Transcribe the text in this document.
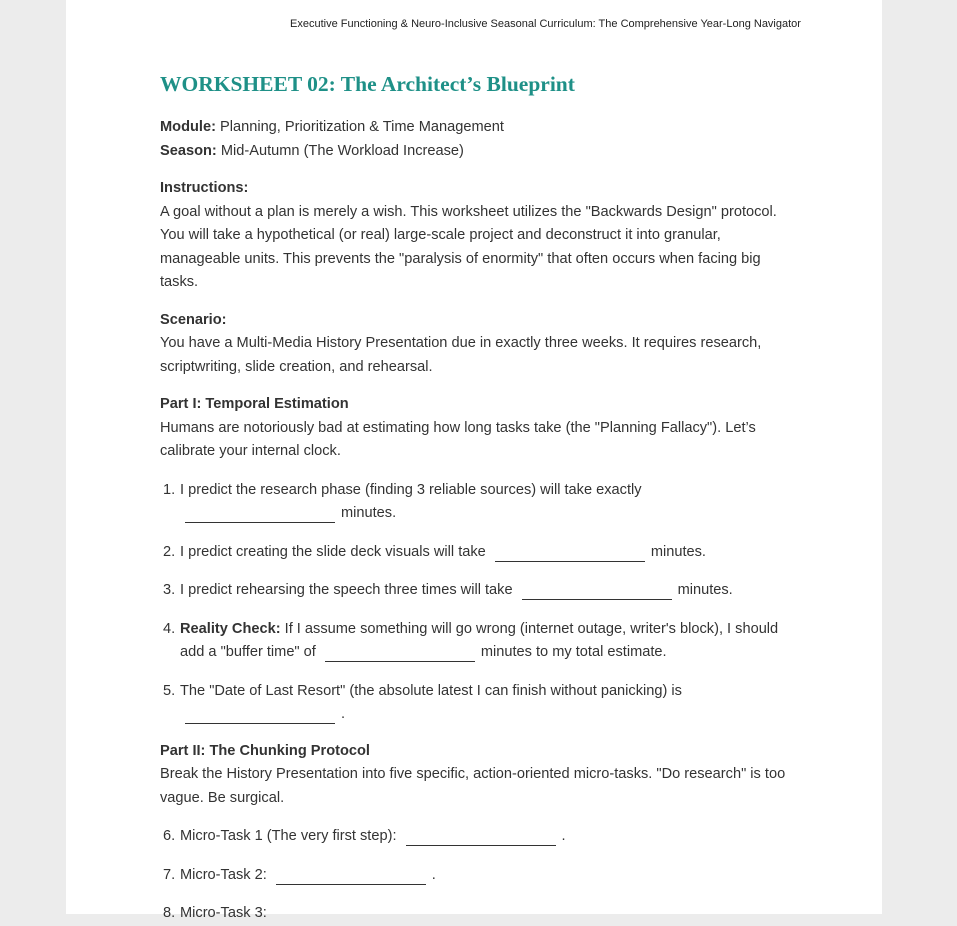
Executive Functioning & Neuro-Inclusive Seasonal Curriculum: The Comprehensive Year-Long Navigator
WORKSHEET 02: The Architect’s Blueprint

Module: Planning, Prioritization & Time Management

Season: Mid-Autumn (The Workload Increase)

Instructions:

A goal without a plan is merely a wish. This worksheet utilizes the "Backwards Design" protocol. You will take a hypothetical (or real) large-scale project and deconstruct it into granular, manageable units. This prevents the "paralysis of enormity" that often occurs when facing big tasks.

Scenario:

You have a Multi-Media History Presentation due in exactly three weeks. It requires research, scriptwriting, slide creation, and rehearsal.

Part I: Temporal Estimation

Humans are notoriously bad at estimating how long tasks take (the "Planning Fallacy"). Let’s calibrate your internal clock.

1. I predict the research phase (finding 3 reliable sources) will take exactly
minutes.
2. I predict creating the slide deck visuals will take	minutes.
3. I predict rehearsing the speech three times will take	minutes.
4. Reality Check: If I assume something will go wrong (internet outage, writer's block), I should add a "buffer time" of	minutes to my total estimate.
5. The "Date of Last Resort" (the absolute latest I can finish without panicking) is
.

Part II: The Chunking Protocol

Break the History Presentation into five specific, action-oriented micro-tasks. "Do research" is too vague. Be surgical.

6. Micro-Task 1 (The very first step):	.
7. Micro-Task 2:	.
8. Micro-Task 3:
